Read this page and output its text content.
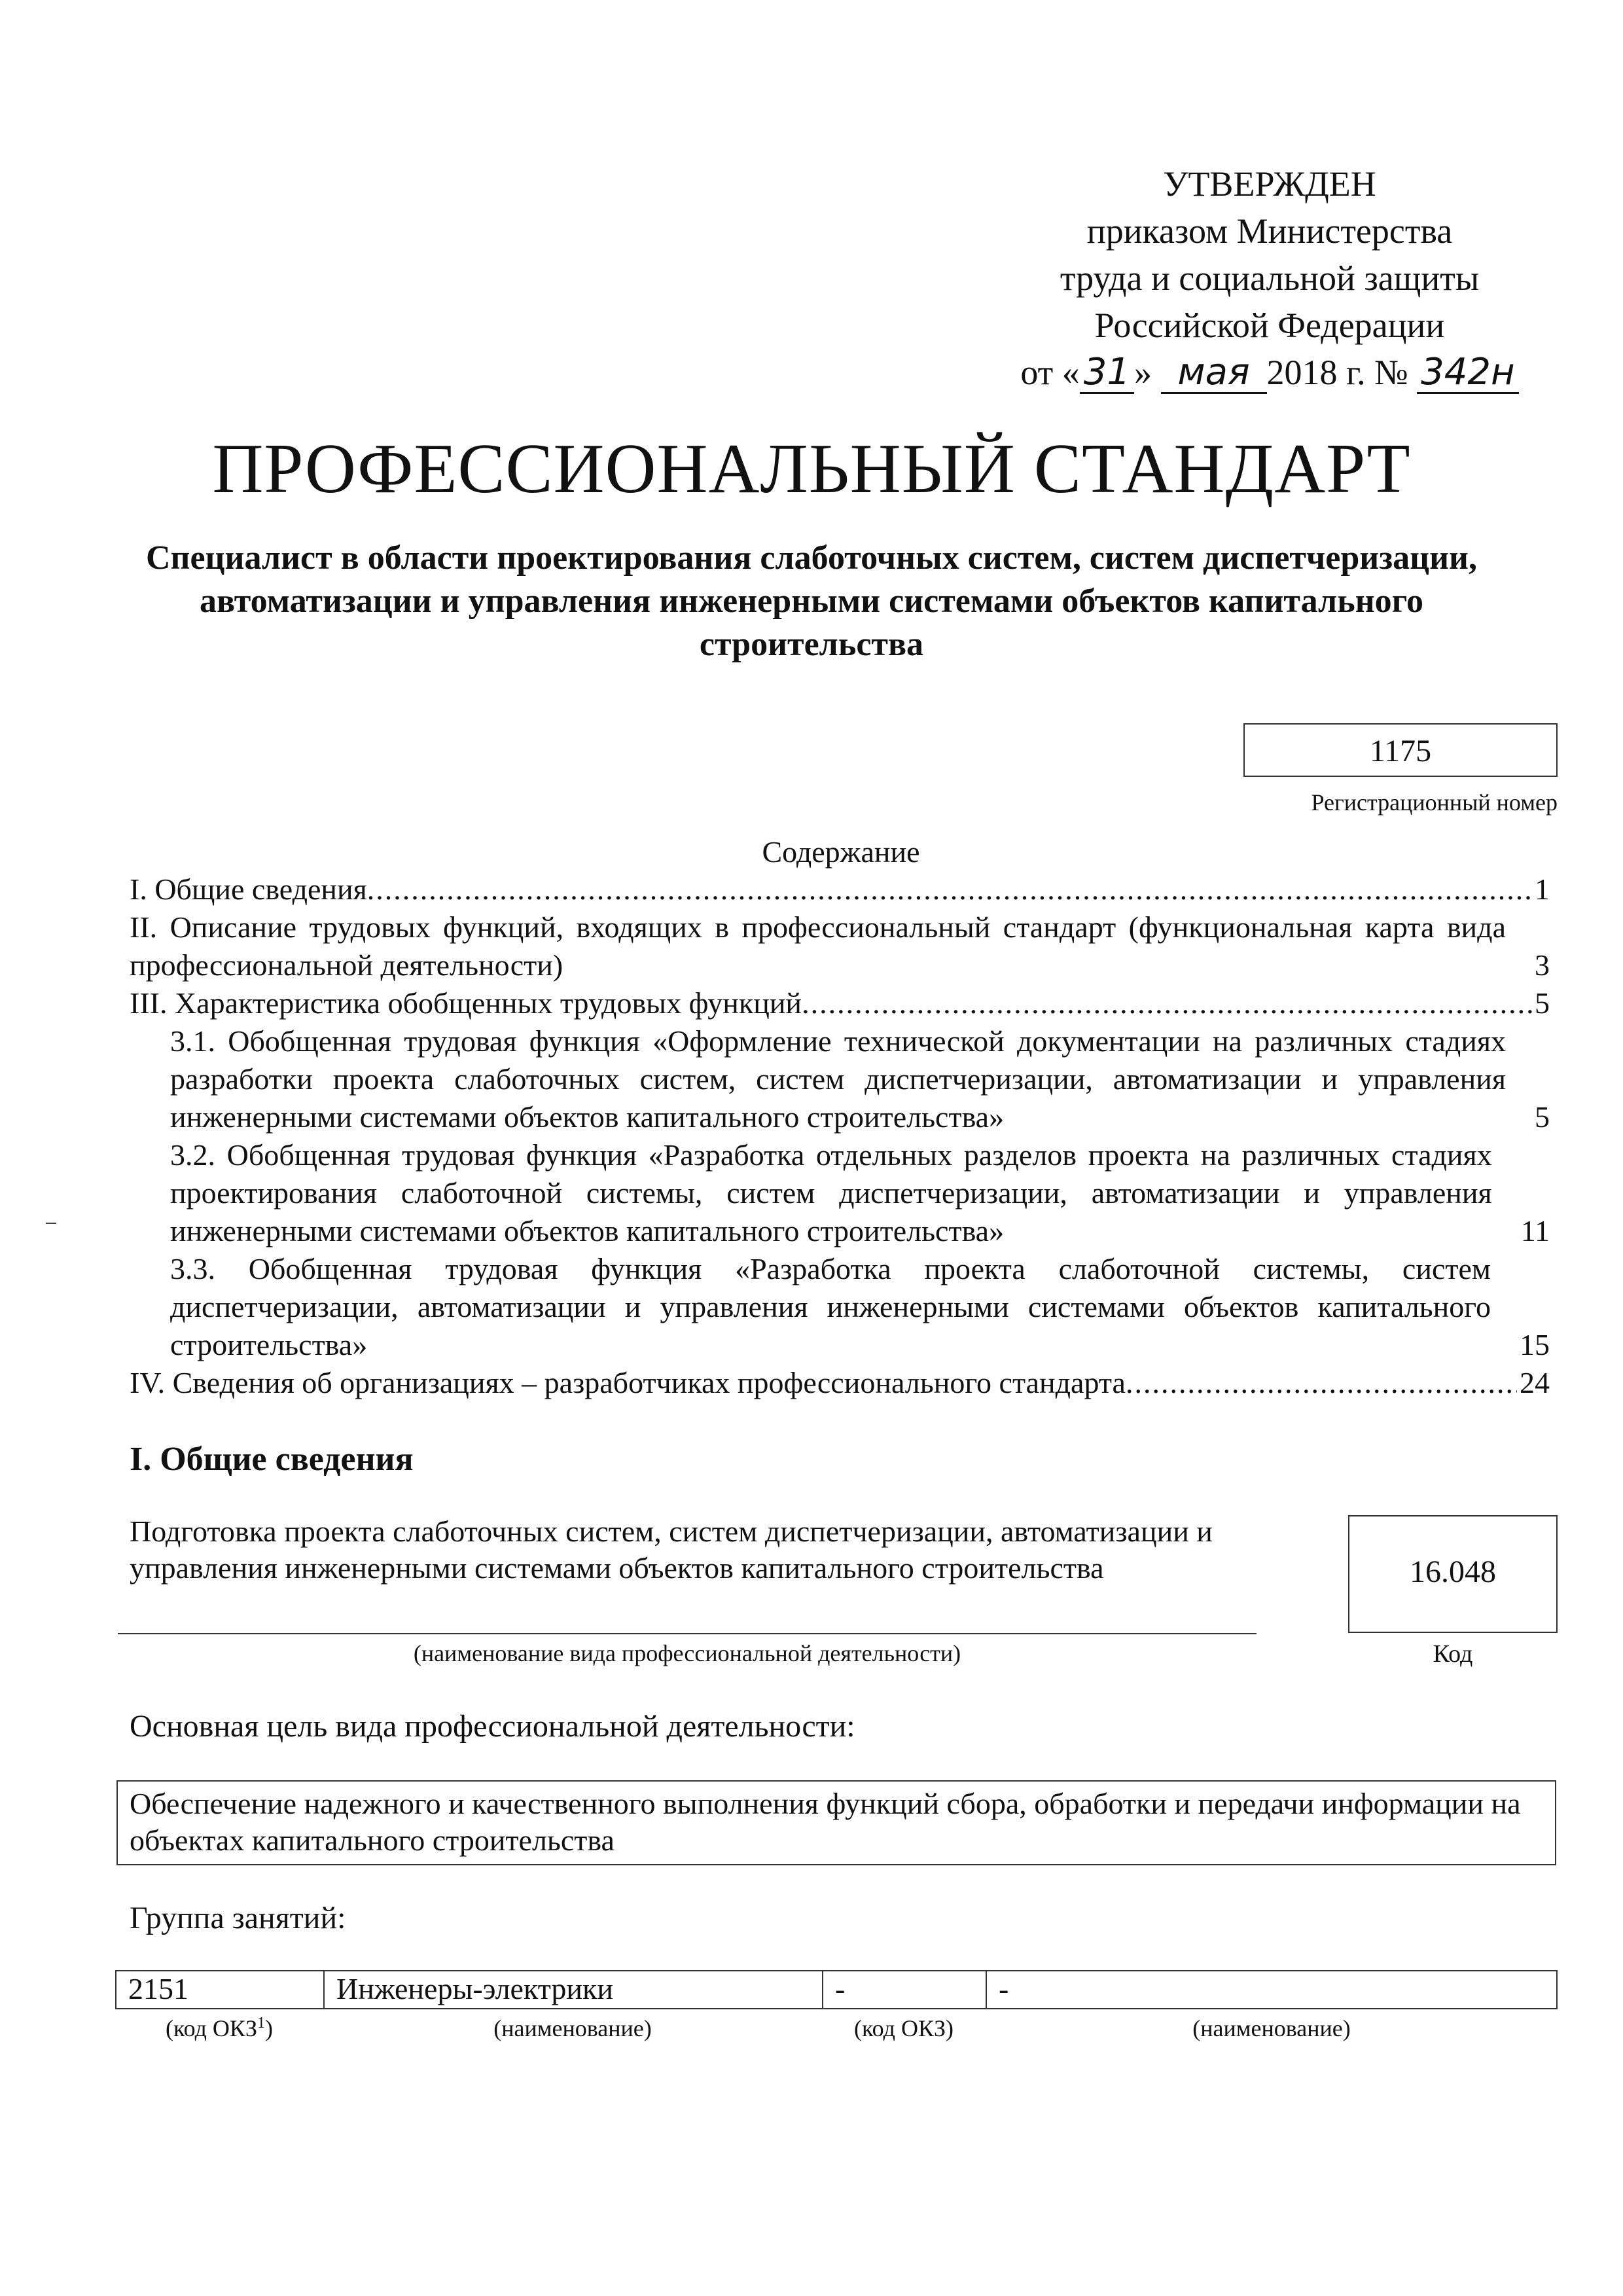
УТВЕРЖДЕН
приказом Министерства
труда и социальной защиты
Российской Федерации
от « 31 » мая 2018 г. № 342н
ПРОФЕССИОНАЛЬНЫЙ СТАНДАРТ
Специалист в области проектирования слаботочных систем, систем диспетчеризации, автоматизации и управления инженерными системами объектов капитального строительства
1175
Регистрационный номер
Содержание
I. Общие сведения .....	1
II. Описание трудовых функций, входящих в профессиональный стандарт (функциональная карта вида профессиональной деятельности)	3
III. Характеристика обобщенных трудовых функций .....	5
3.1. Обобщенная трудовая функция «Оформление технической документации на различных стадиях разработки проекта слаботочных систем, систем диспетчеризации, автоматизации и управления инженерными системами объектов капитального строительства»	5
3.2. Обобщенная трудовая функция «Разработка отдельных разделов проекта на различных стадиях проектирования слаботочной системы, систем диспетчеризации, автоматизации и управления инженерными системами объектов капитального строительства»	11
3.3. Обобщенная трудовая функция «Разработка проекта слаботочной системы, систем диспетчеризации, автоматизации и управления инженерными системами объектов капитального строительства»	15
IV. Сведения об организациях – разработчиках профессионального стандарта .....	24
I. Общие сведения
Подготовка проекта слаботочных систем, систем диспетчеризации, автоматизации и управления инженерными системами объектов капитального строительства
(наименование вида профессиональной деятельности)
16.048
Код
Основная цель вида профессиональной деятельности:
Обеспечение надежного и качественного выполнения функций сбора, обработки и передачи информации на объектах капитального строительства
Группа занятий:
2151	Инженеры-электрики	-	-
(код ОКЗ$^1$)	(наименование)	(код ОКЗ)	(наименование)
